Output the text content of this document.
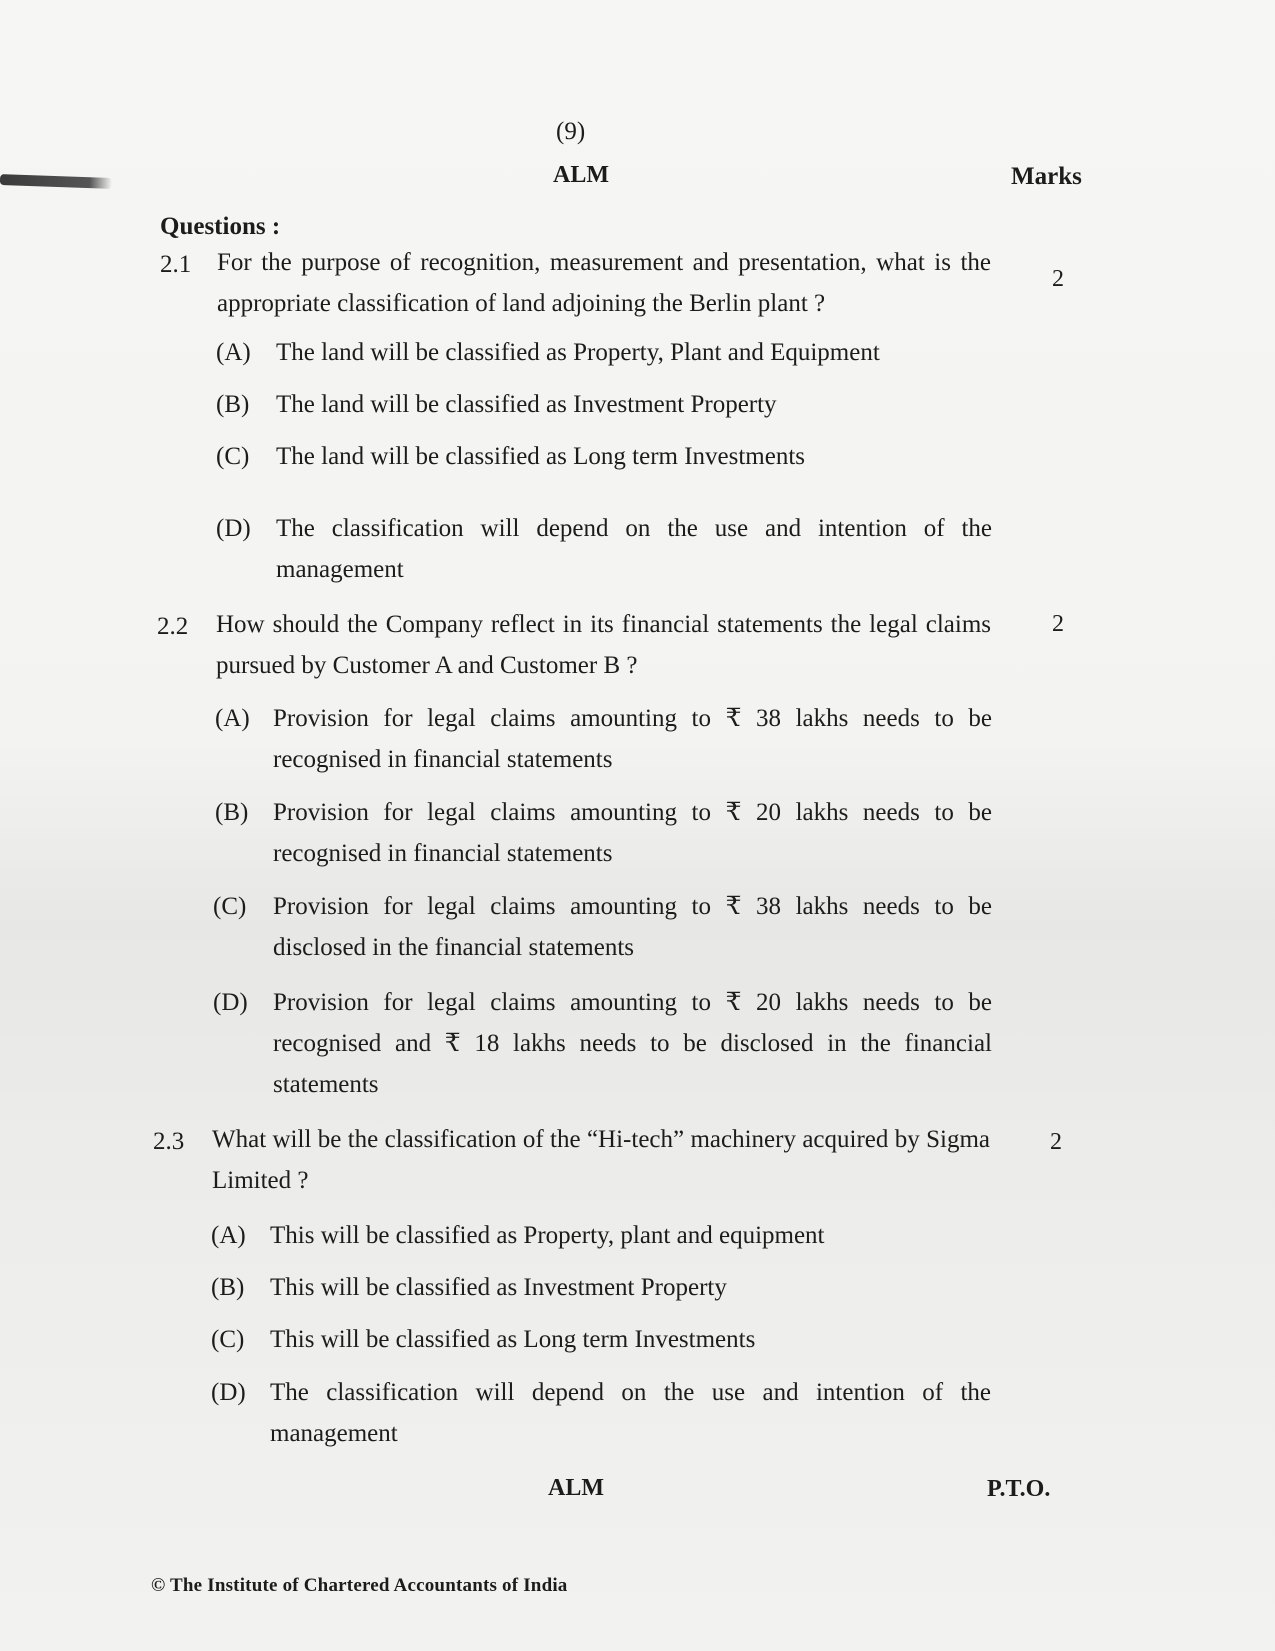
(9)
ALM	Marks
Questions :
2.1 For the purpose of recognition, measurement and presentation, what is the appropriate classification of land adjoining the Berlin plant ?
2
(A) The land will be classified as Property, Plant and Equipment
(B) The land will be classified as Investment Property
(C) The land will be classified as Long term Investments
(D) The classification will depend on the use and intention of the management
2.2 How should the Company reflect in its financial statements the legal claims pursued by Customer A and Customer B ?
2
(A) Provision for legal claims amounting to ₹ 38 lakhs needs to be recognised in financial statements
(B) Provision for legal claims amounting to ₹ 20 lakhs needs to be recognised in financial statements
(C) Provision for legal claims amounting to ₹ 38 lakhs needs to be disclosed in the financial statements
(D) Provision for legal claims amounting to ₹ 20 lakhs needs to be recognised and ₹ 18 lakhs needs to be disclosed in the financial statements
2.3 What will be the classification of the “Hi-tech” machinery acquired by Sigma Limited ?
2
(A) This will be classified as Property, plant and equipment
(B) This will be classified as Investment Property
(C) This will be classified as Long term Investments
(D) The classification will depend on the use and intention of the management
ALM	P.T.O.
© The Institute of Chartered Accountants of India
